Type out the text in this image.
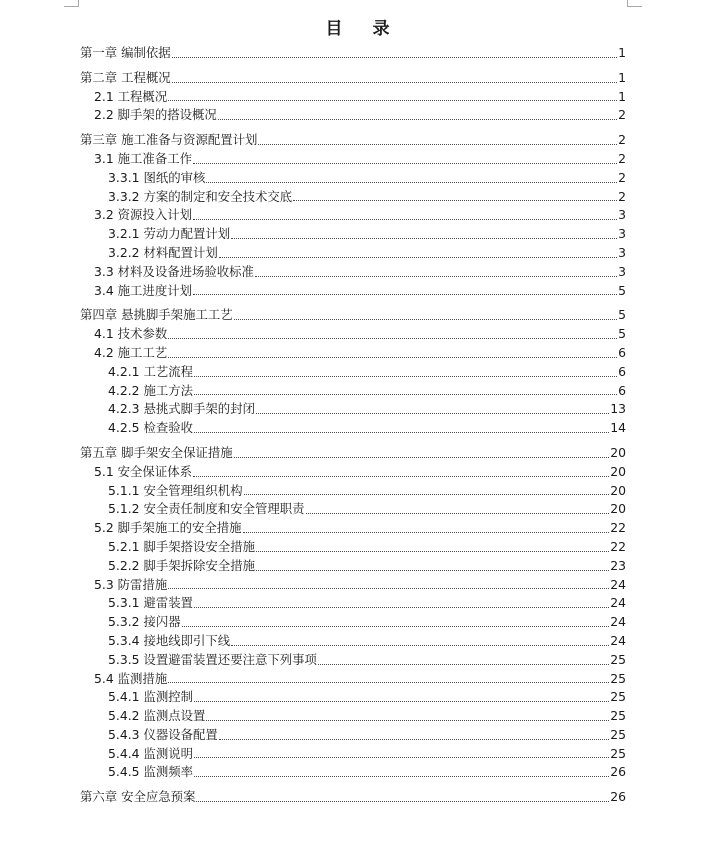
目 录
第一章 编制依据	1
第二章 工程概况	1
2.1 工程概况	1
2.2 脚手架的搭设概况	2
第三章 施工准备与资源配置计划	2
3.1 施工准备工作	2
3.3.1 图纸的审核	2
3.3.2 方案的制定和安全技术交底	2
3.2 资源投入计划	3
3.2.1 劳动力配置计划	3
3.2.2 材料配置计划	3
3.3 材料及设备进场验收标准	3
3.4 施工进度计划	5
第四章 悬挑脚手架施工工艺	5
4.1 技术参数	5
4.2 施工工艺	6
4.2.1 工艺流程	6
4.2.2 施工方法	6
4.2.3 悬挑式脚手架的封闭	13
4.2.5 检查验收	14
第五章 脚手架安全保证措施	20
5.1 安全保证体系	20
5.1.1 安全管理组织机构	20
5.1.2 安全责任制度和安全管理职责	20
5.2 脚手架施工的安全措施	22
5.2.1 脚手架搭设安全措施	22
5.2.2 脚手架拆除安全措施	23
5.3 防雷措施	24
5.3.1 避雷装置	24
5.3.2 接闪器	24
5.3.4 接地线即引下线	24
5.3.5 设置避雷装置还要注意下列事项	25
5.4 监测措施	25
5.4.1 监测控制	25
5.4.2 监测点设置	25
5.4.3 仪器设备配置	25
5.4.4 监测说明	25
5.4.5 监测频率	26
第六章 安全应急预案	26
